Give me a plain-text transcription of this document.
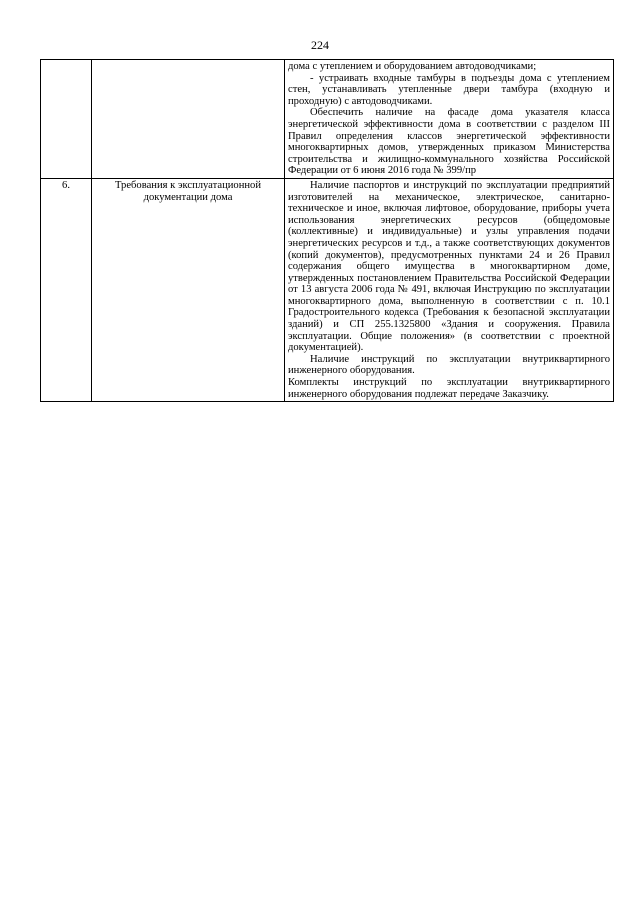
224

		дома с утеплением и оборудованием автодоводчиками;

- устраивать входные тамбуры в подъезды дома с утеплением стен, устанавливать утепленные двери тамбура (входную и проходную) с автодоводчиками.

Обеспечить наличие на фасаде дома указателя класса энергетической эффективности дома в соответствии с разделом III Правил определения классов энергетической эффективности многоквартирных домов, утвержденных приказом Министерства строительства и жилищно-коммунального хозяйства Российской Федерации от 6 июня 2016 года № 399/пр

6.	Требования к эксплуатационной документации дома	Наличие паспортов и инструкций по эксплуатации предприятий изготовителей на механическое, электрическое, санитарно-техническое и иное, включая лифтовое, оборудование, приборы учета использования энергетических ресурсов (общедомовые (коллективные) и индивидуальные) и узлы управления подачи энергетических ресурсов и т.д., а также соответствующих документов (копий документов), предусмотренных пунктами 24 и 26 Правил содержания общего имущества в многоквартирном доме, утвержденных постановлением Правительства Российской Федерации от 13 августа 2006 года № 491, включая Инструкцию по эксплуатации многоквартирного дома, выполненную в соответствии с п. 10.1 Градостроительного кодекса (Требования к безопасной эксплуатации зданий) и СП 255.1325800 «Здания и сооружения. Правила эксплуатации. Общие положения» (в соответствии с проектной документацией).

Наличие инструкций по эксплуатации внутриквартирного инженерного оборудования.

Комплекты инструкций по эксплуатации внутриквартирного инженерного оборудования подлежат передаче Заказчику.
